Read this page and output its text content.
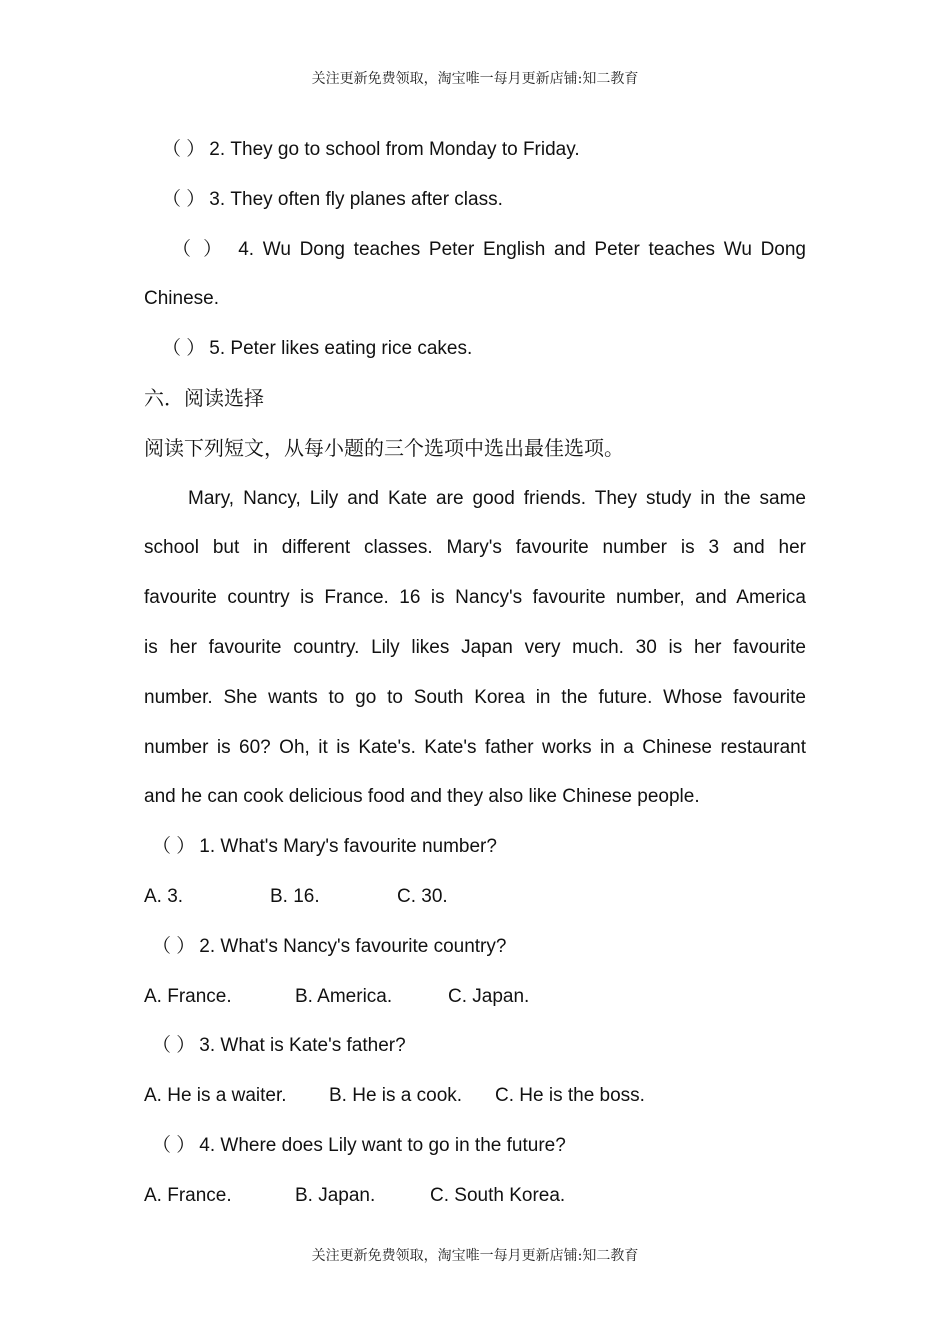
关注更新免费领取，淘宝唯一每月更新店铺:知二教育
（ ） 2. They go to school from Monday to Friday.
（ ） 3. They often fly planes after class.
（ ） 4. Wu Dong teaches Peter English and Peter teaches Wu Dong
Chinese.
（ ） 5. Peter likes eating rice cakes.
六．阅读选择
阅读下列短文，从每小题的三个选项中选出最佳选项。
Mary, Nancy, Lily and Kate are good friends. They study in the same
school but in different classes. Mary's favourite number is 3 and her
favourite country is France. 16 is Nancy's favourite number, and America
is her favourite country. Lily likes Japan very much. 30 is her favourite
number. She wants to go to South Korea in the future. Whose favourite
number is 60? Oh, it is Kate's. Kate's father works in a Chinese restaurant
and he can cook delicious food and they also like Chinese people.
（ ） 1. What's Mary's favourite number?
A. 3.	B. 16.	C. 30.
（ ） 2. What's Nancy's favourite country?
A. France.	B. America.	C. Japan.
（ ） 3. What is Kate's father?
A. He is a waiter. B. He is a cook. C. He is the boss.
（ ） 4. Where does Lily want to go in the future?
A. France.	B. Japan.	C. South Korea.
关注更新免费领取，淘宝唯一每月更新店铺:知二教育
